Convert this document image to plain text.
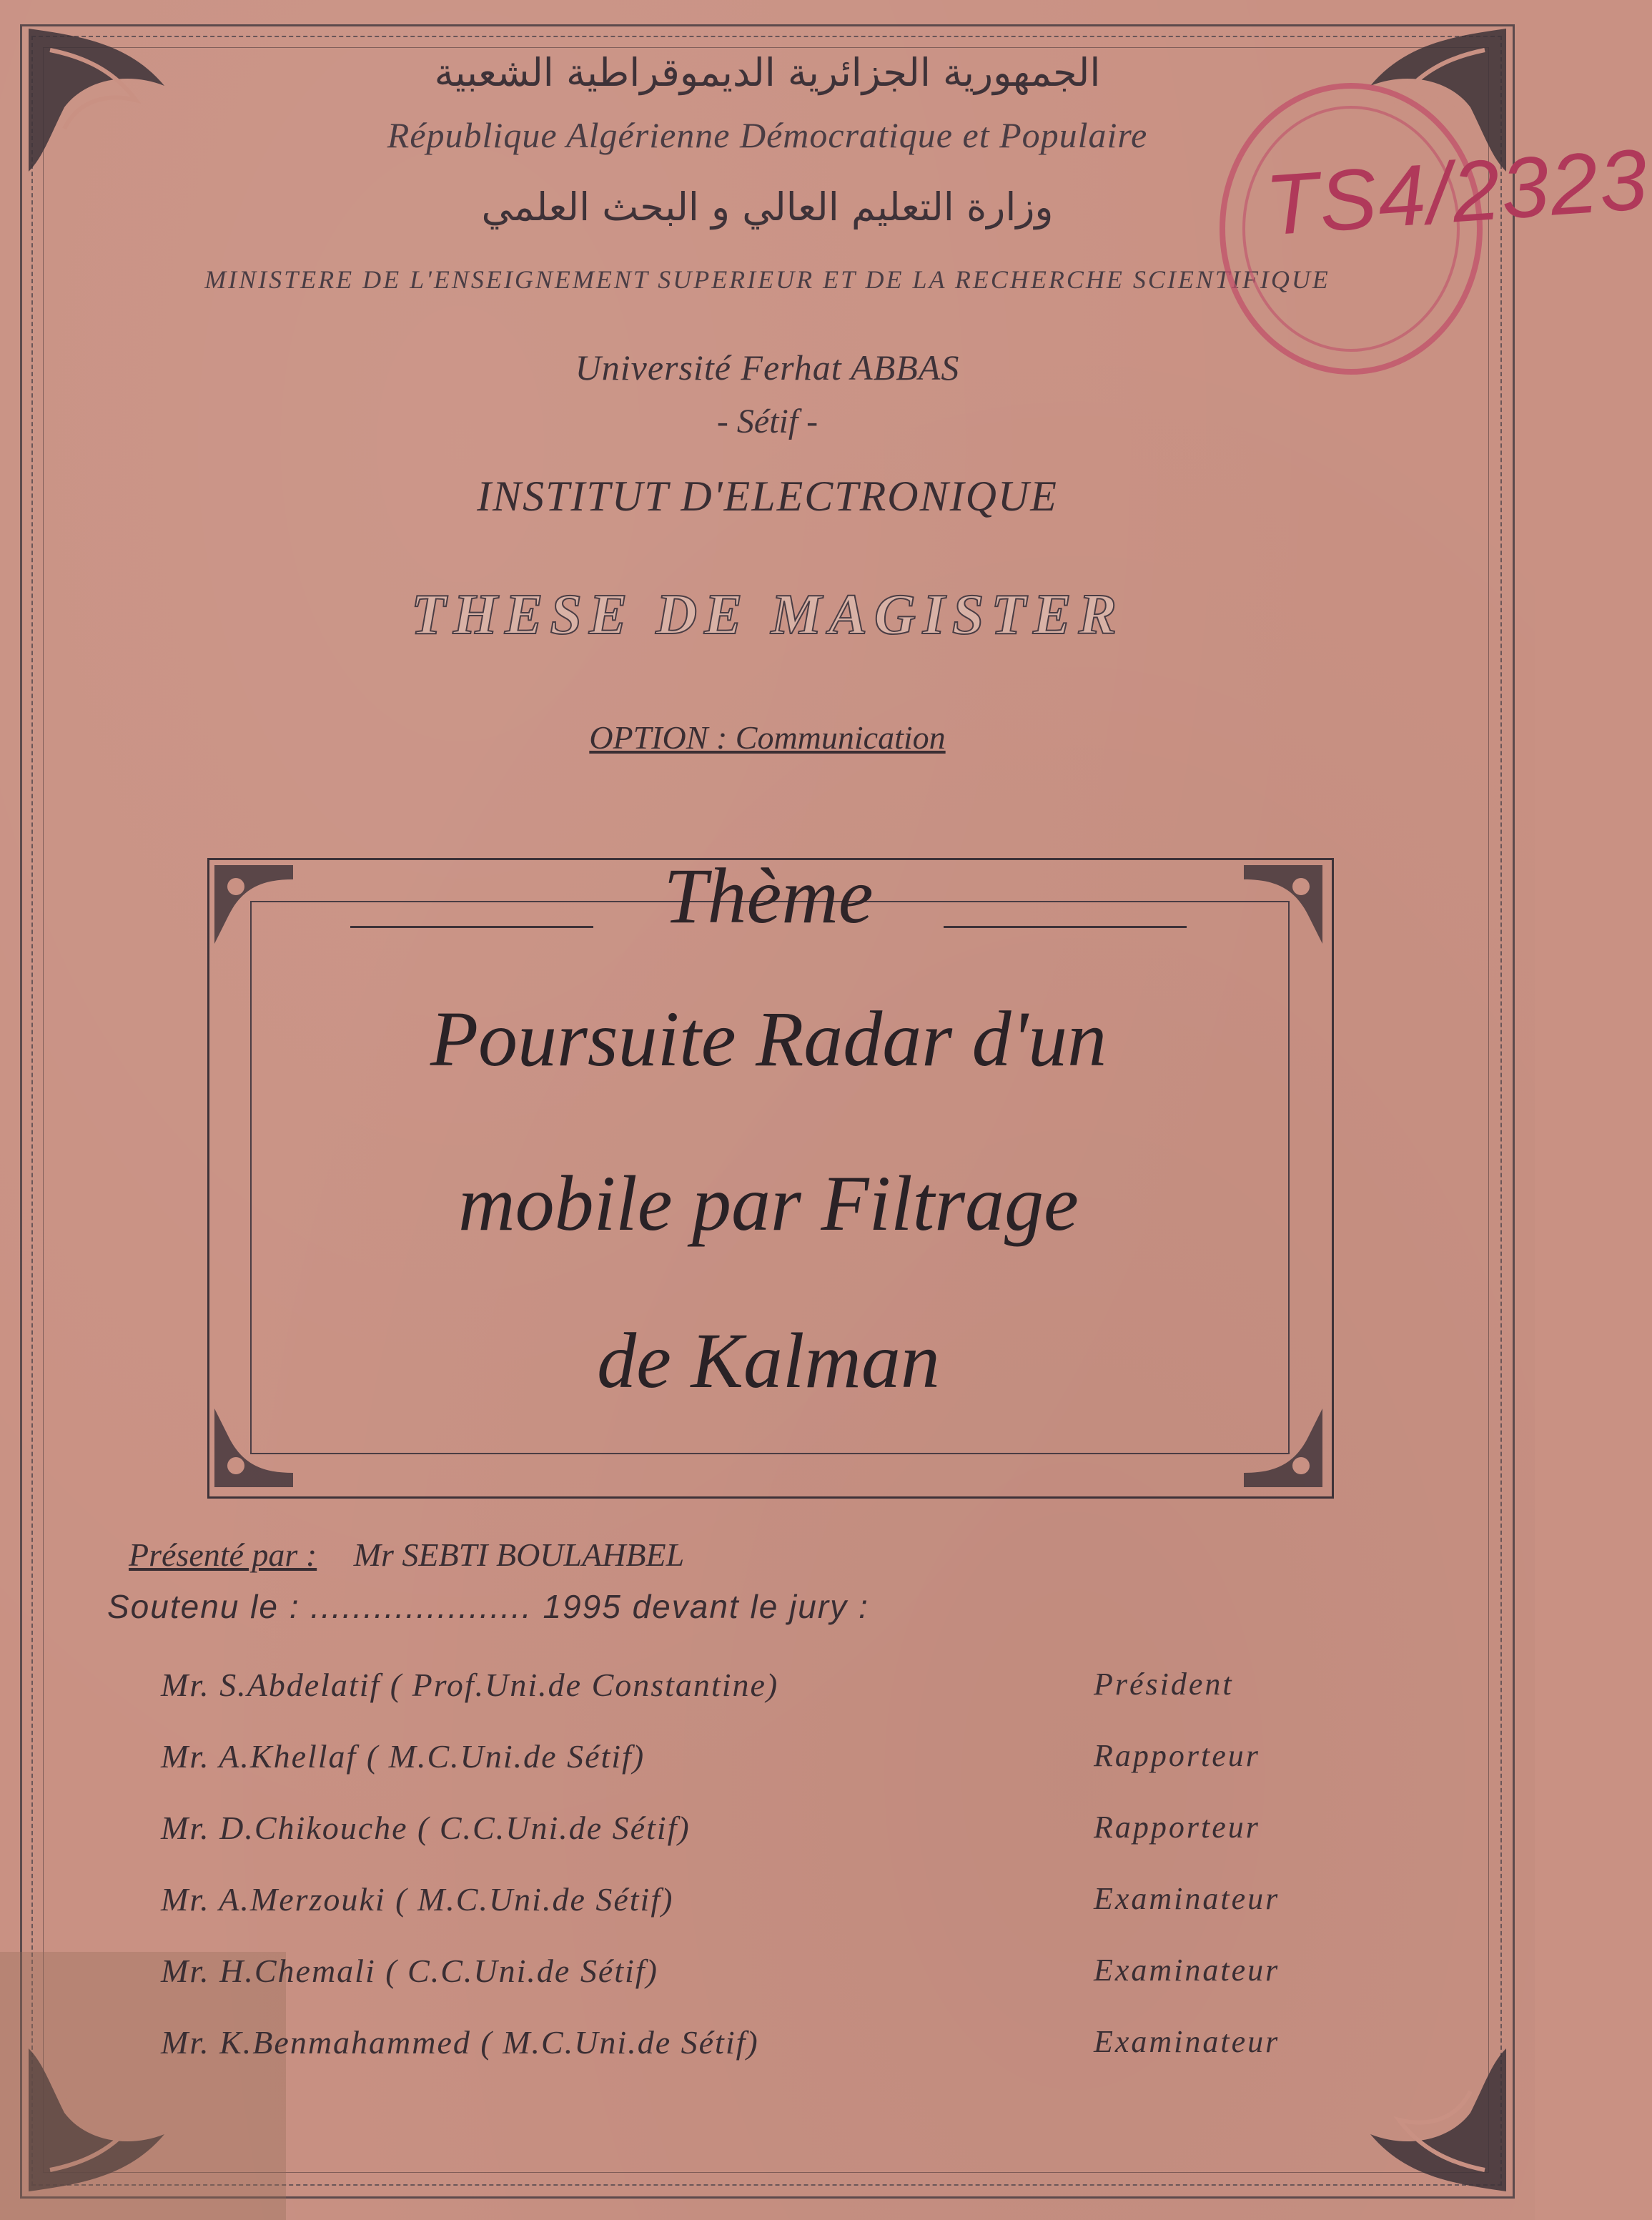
الجمهورية الجزائرية الديموقراطية الشعبية
République Algérienne Démocratique et Populaire
وزارة التعليم العالي و البحث العلمي
MINISTERE DE L'ENSEIGNEMENT SUPERIEUR ET DE LA RECHERCHE SCIENTIFIQUE
TS4/2323
Université Ferhat ABBAS
- Sétif -
INSTITUT D'ELECTRONIQUE
THESE DE MAGISTER
OPTION : Communication
Thème
Poursuite Radar d'un
mobile par Filtrage
de Kalman
Présenté par : Mr SEBTI BOULAHBEL
Soutenu le : ..................... 1995 devant le jury :
Mr. S.Abdelatif ( Prof.Uni.de Constantine)	Président
Mr. A.Khellaf ( M.C.Uni.de Sétif)	Rapporteur
Mr. D.Chikouche ( C.C.Uni.de Sétif)	Rapporteur
Mr. A.Merzouki ( M.C.Uni.de Sétif)	Examinateur
Mr. H.Chemali ( C.C.Uni.de Sétif)	Examinateur
Mr. K.Benmahammed ( M.C.Uni.de Sétif)	Examinateur
